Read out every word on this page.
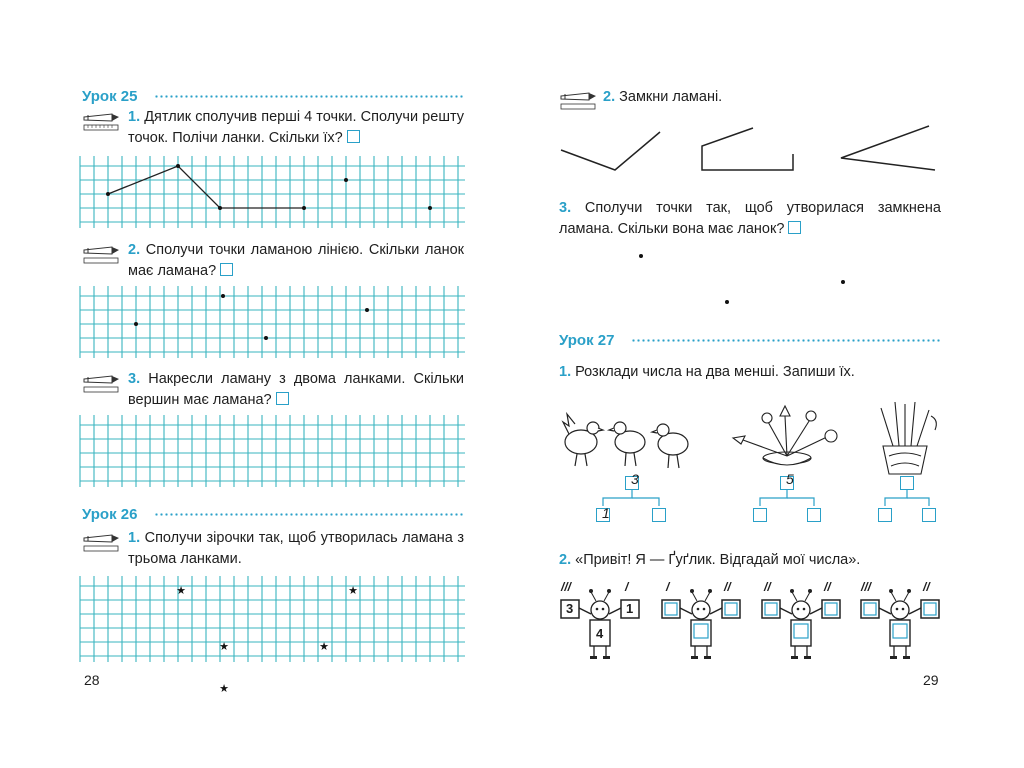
Урок 25
1. Дятлик сполучив перші 4 точки. Сполучи решту точок. Полічи ланки. Скільки їх?
2. Сполучи точки ламаною лінією. Скільки ланок має ламана?
3. Накресли ламану з двома ланками. Скільки вершин має ламана?
Урок 26
1. Сполучи зірочки так, щоб утворилась ламана з трьома ланками.
★	★
★
★	★
28
2. Замкни ламані.
3. Сполучи точки так, щоб утворилася замкнена ламана. Скільки вона має ланок?
Урок 27
1. Розклади числа на два менші. Запиши їх.
3
1
5
2. «Привіт! Я — Ґуґлик. Відгадай мої числа».
///	/
3	1
4
/	//	//	//	///	//
29
